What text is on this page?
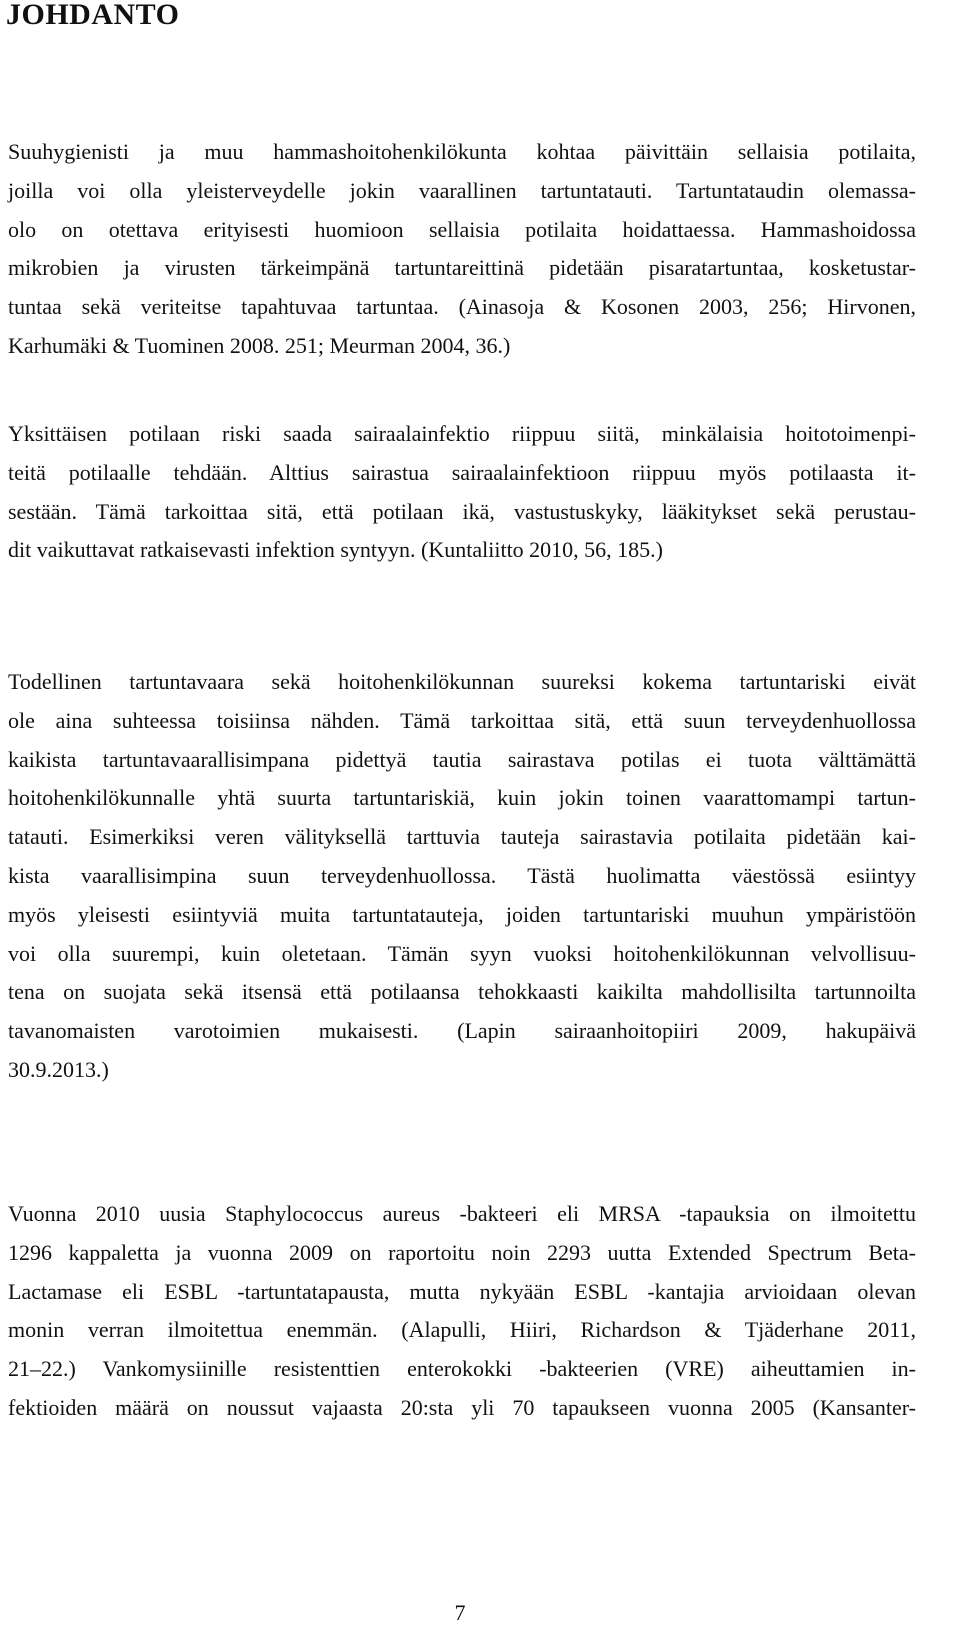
JOHDANTO
Suuhygienisti ja muu hammashoitohenkilökunta kohtaa päivittäin sellaisia potilaita,
joilla voi olla yleisterveydelle jokin vaarallinen tartuntatauti. Tartuntataudin olemassa-
olo on otettava erityisesti huomioon sellaisia potilaita hoidattaessa. Hammashoidossa
mikrobien ja virusten tärkeimpänä tartuntareittinä pidetään pisaratartuntaa, kosketustar-
tuntaa sekä veriteitse tapahtuvaa tartuntaa. (Ainasoja & Kosonen 2003, 256; Hirvonen,
Karhumäki & Tuominen 2008. 251; Meurman 2004, 36.)
Yksittäisen potilaan riski saada sairaalainfektio riippuu siitä, minkälaisia hoitotoimenpi-
teitä potilaalle tehdään. Alttius sairastua sairaalainfektioon riippuu myös potilaasta it-
sestään. Tämä tarkoittaa sitä, että potilaan ikä, vastustuskyky, lääkitykset sekä perustau-
dit vaikuttavat ratkaisevasti infektion syntyyn. (Kuntaliitto 2010, 56, 185.)
Todellinen tartuntavaara sekä hoitohenkilökunnan suureksi kokema tartuntariski eivät
ole aina suhteessa toisiinsa nähden. Tämä tarkoittaa sitä, että suun terveydenhuollossa
kaikista tartuntavaarallisimpana pidettyä tautia sairastava potilas ei tuota välttämättä
hoitohenkilökunnalle yhtä suurta tartuntariskiä, kuin jokin toinen vaarattomampi tartun-
tatauti. Esimerkiksi veren välityksellä tarttuvia tauteja sairastavia potilaita pidetään kai-
kista vaarallisimpina suun terveydenhuollossa. Tästä huolimatta väestössä esiintyy
myös yleisesti esiintyviä muita tartuntatauteja, joiden tartuntariski muuhun ympäristöön
voi olla suurempi, kuin oletetaan. Tämän syyn vuoksi hoitohenkilökunnan velvollisuu-
tena on suojata sekä itsensä että potilaansa tehokkaasti kaikilta mahdollisilta tartunnoilta
tavanomaisten varotoimien mukaisesti. (Lapin sairaanhoitopiiri 2009, hakupäivä
30.9.2013.)
Vuonna 2010 uusia Staphylococcus aureus -bakteeri eli MRSA -tapauksia on ilmoitettu
1296 kappaletta ja vuonna 2009 on raportoitu noin 2293 uutta Extended Spectrum Beta-
Lactamase eli ESBL -tartuntatapausta, mutta nykyään ESBL -kantajia arvioidaan olevan
monin verran ilmoitettua enemmän. (Alapulli, Hiiri, Richardson & Tjäderhane 2011,
21–22.) Vankomysiinille resistenttien enterokokki -bakteerien (VRE) aiheuttamien in-
fektioiden määrä on noussut vajaasta 20:sta yli 70 tapaukseen vuonna 2005 (Kansanter-
7
